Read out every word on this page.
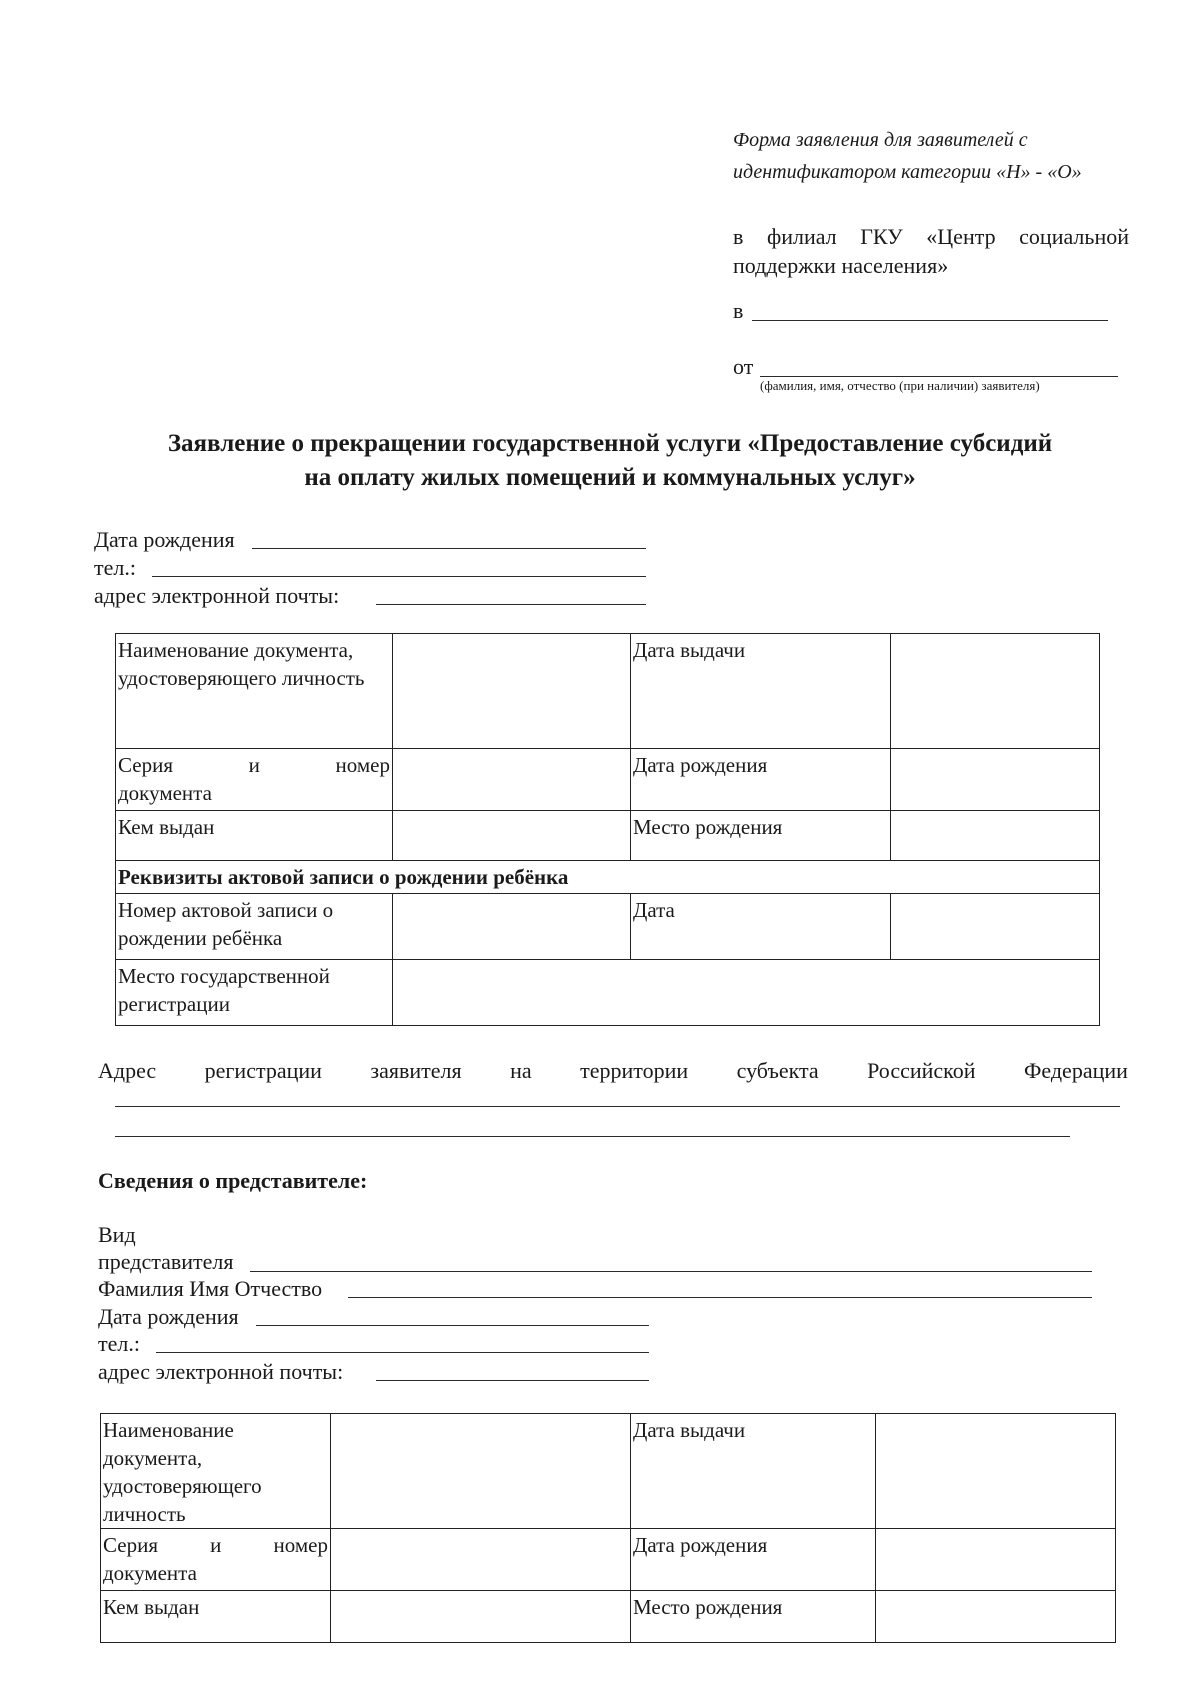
Форма заявления для заявителей с
идентификатором категории «Н» - «О»
в филиал ГКУ «Центр социальной поддержки населения»
в
от
(фамилия, имя, отчество (при наличии) заявителя)
Заявление о прекращении государственной услуги «Предоставление субсидий
на оплату жилых помещений и коммунальных услуг»
Дата рождения
тел.:
адрес электронной почты:
Наименование документа, удостоверяющего личность		Дата выдачи	

Серия и номер
документа		Дата рождения	
Кем выдан		Место рождения	
Реквизиты актовой записи о рождении ребёнка			
Номер актовой записи о рождении ребёнка		Дата	
Место государственной регистрации			
Адрес регистрации заявителя на территории субъекта Российской Федерации
Сведения о представителе:
Вид
представителя
Фамилия Имя Отчество
Дата рождения
тел.:
адрес электронной почты:
Наименование документа, удостоверяющего личность		Дата выдачи	

Серия и номер
документа		Дата рождения	
Кем выдан		Место рождения	
